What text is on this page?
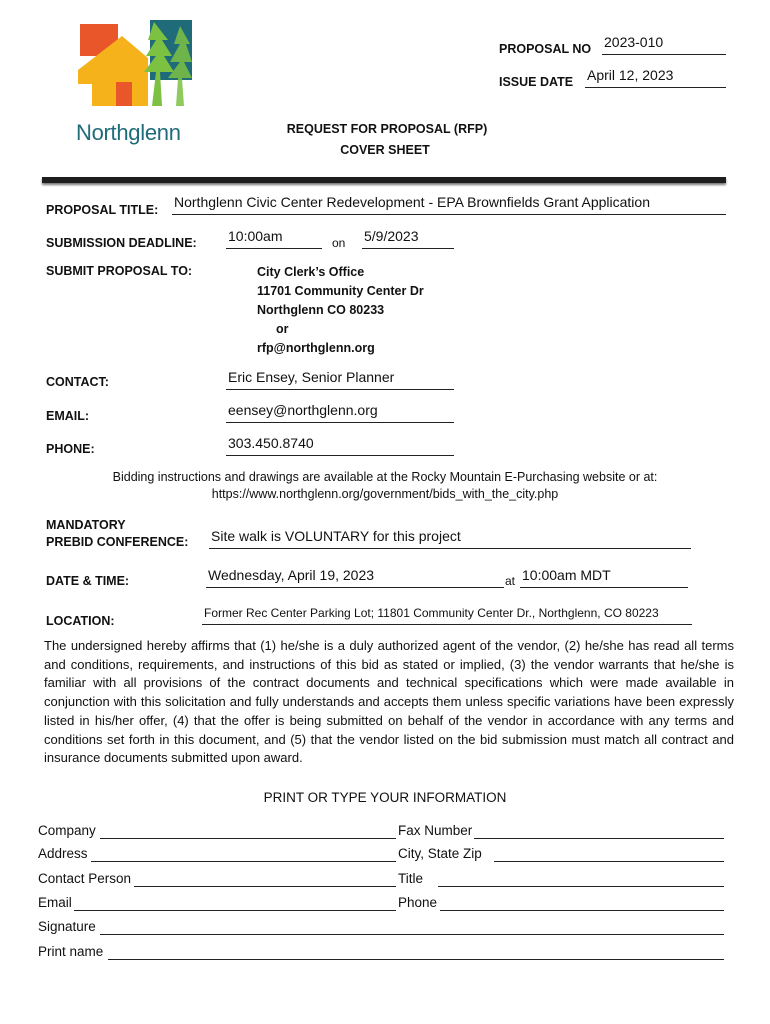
Northglenn
PROPOSAL NO 2023-010
ISSUE DATE April 12, 2023
REQUEST FOR PROPOSAL (RFP)
COVER SHEET
PROPOSAL TITLE: Northglenn Civic Center Redevelopment - EPA Brownfields Grant Application
SUBMISSION DEADLINE: 10:00am	on 5/9/2023
SUBMIT PROPOSAL TO:	City Clerk’s Office
11701 Community Center Dr
Northglenn CO 80233
or
rfp@northglenn.org
CONTACT:	Eric Ensey, Senior Planner
EMAIL:	eensey@northglenn.org
PHONE:	303.450.8740
Bidding instructions and drawings are available at the Rocky Mountain E-Purchasing website or at:
https://www.northglenn.org/government/bids_with_the_city.php
MANDATORY
PREBID CONFERENCE: Site walk is VOLUNTARY for this project
DATE & TIME:	Wednesday, April 19, 2023	at 10:00am MDT
LOCATION:
Former Rec Center Parking Lot; 11801 Community Center Dr., Northglenn, CO 80223
The undersigned hereby affirms that (1) he/she is a duly authorized agent of the vendor, (2) he/she has read all terms and conditions, requirements, and instructions of this bid as stated or implied, (3) the vendor warrants that he/she is familiar with all provisions of the contract documents and technical specifications which were made available in conjunction with this solicitation and fully understands and accepts them unless specific variations have been expressly listed in his/her offer, (4) that the offer is being submitted on behalf of the vendor in accordance with any terms and conditions set forth in this document, and (5) that the vendor listed on the bid submission must match all contract and insurance documents submitted upon award.
PRINT OR TYPE YOUR INFORMATION
Company	Fax Number
Address	City, State Zip
Contact Person	Title
Email	Phone
Signature
Print name
